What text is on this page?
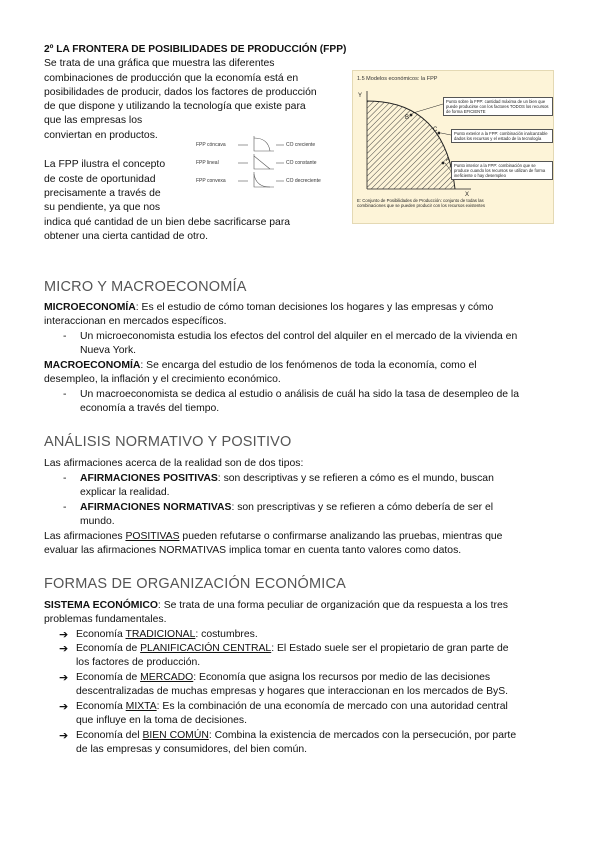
2º LA FRONTERA DE POSIBILIDADES DE PRODUCCIÓN (FPP)

Se trata de una gráfica que muestra las diferentes

combinaciones de producción que la economía está en

posibilidades de producir, dados los factores de producción

de que dispone y utilizando la tecnología que existe para

que las empresas los

conviertan en productos.

La FPP ilustra el concepto

de coste de oportunidad

precisamente a través de

su pendiente, ya que nos

indica qué cantidad de un bien debe sacrificarse para

obtener una cierta cantidad de otro.

FPP cóncava	CO creciente
FPP lineal	CO constante
FPP convexa	CO decreciente
1.5 Modelos económicos: la FPP
Y
X
B
C
A
Punto sobre la FPP: cantidad máxima de un bien que puede producirse con los factores TODOS los recursos de forma EFICIENTE
Punto exterior a la FPP: combinación inalcanzable dados los recursos y el estado de la tecnología
Punto interior a la FPP: combinación que se produce cuando los recursos se utilizan de forma ineficiente o hay desempleo
E: Conjunto de Posibilidades de Producción: conjunto de todas las combinaciones que se pueden producir con los recursos existentes
MICRO Y MACROECONOMÍA

MICROECONOMÍA: Es el estudio de cómo toman decisiones los hogares y las empresas y cómo

interaccionan en mercados específicos.

- Un microeconomista estudia los efectos del control del alquiler en el mercado de la vivienda en

Nueva York.

MACROECONOMÍA: Se encarga del estudio de los fenómenos de toda la economía, como el

desempleo, la inflación y el crecimiento económico.

- Un macroeconomista se dedica al estudio o análisis de cuál ha sido la tasa de desempleo de la

economía a través del tiempo.

ANÁLISIS NORMATIVO Y POSITIVO

Las afirmaciones acerca de la realidad son de dos tipos:

- AFIRMACIONES POSITIVAS: son descriptivas y se refieren a cómo es el mundo, buscan

explicar la realidad.

- AFIRMACIONES NORMATIVAS: son prescriptivas y se refieren a cómo debería de ser el

mundo.

Las afirmaciones POSITIVAS pueden refutarse o confirmarse analizando las pruebas, mientras que

evaluar las afirmaciones NORMATIVAS implica tomar en cuenta tanto valores como datos.

FORMAS DE ORGANIZACIÓN ECONÓMICA

SISTEMA ECONÓMICO: Se trata de una forma peculiar de organización que da respuesta a los tres

problemas fundamentales.

➔ Economía TRADICIONAL: costumbres.
➔ Economía de PLANIFICACIÓN CENTRAL: El Estado suele ser el propietario de gran parte de
los factores de producción.
➔ Economía de MERCADO: Economía que asigna los recursos por medio de las decisiones
descentralizadas de muchas empresas y hogares que interaccionan en los mercados de ByS.
➔ Economía MIXTA: Es la combinación de una economía de mercado con una autoridad central
que influye en la toma de decisiones.
➔ Economía del BIEN COMÚN: Combina la existencia de mercados con la persecución, por parte
de las empresas y consumidores, del bien común.
